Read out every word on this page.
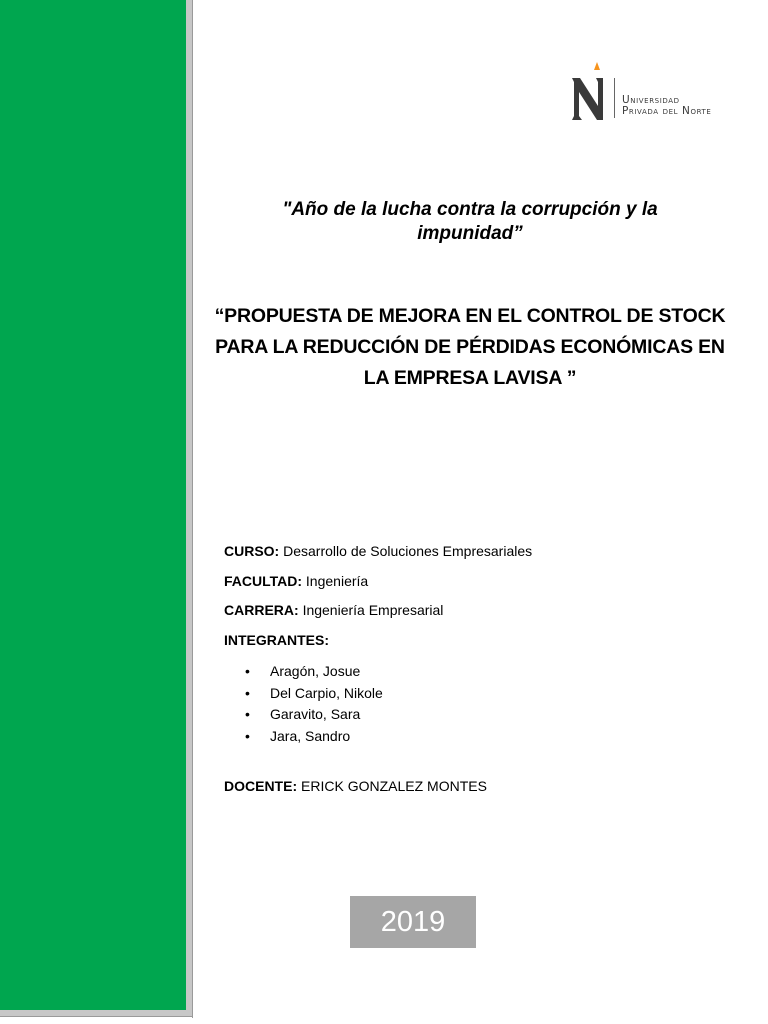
Universidad
Privada del Norte
"Año de la lucha contra la corrupción y la impunidad”
“PROPUESTA DE MEJORA EN EL CONTROL DE STOCK PARA LA REDUCCIÓN DE PÉRDIDAS ECONÓMICAS EN LA EMPRESA LAVISA ”
CURSO: Desarrollo de Soluciones Empresariales
FACULTAD: Ingeniería
CARRERA: Ingeniería Empresarial
INTEGRANTES:
• Aragón, Josue
• Del Carpio, Nikole
• Garavito, Sara
• Jara, Sandro
DOCENTE: ERICK GONZALEZ MONTES
2019
